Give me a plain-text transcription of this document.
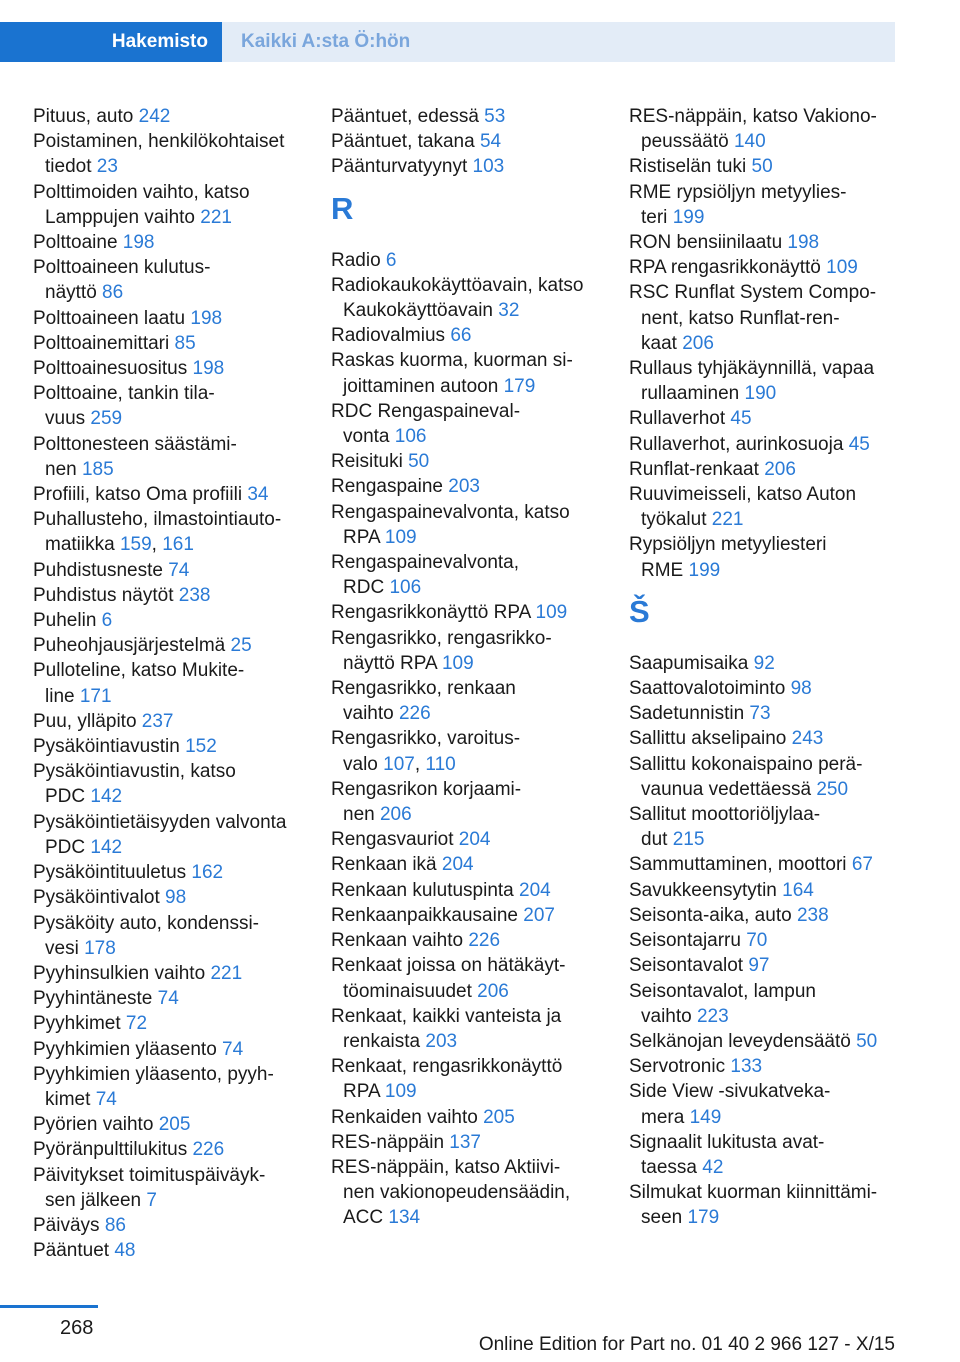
Hakemisto	Kaikki A:sta Ö:hön
Pituus, auto 242
Poistaminen, henkilökohtaiset
tiedot 23
Polttimoiden vaihto, katso
Lamppujen vaihto 221
Polttoaine 198
Polttoaineen kulutus-
näyttö 86
Polttoaineen laatu 198
Polttoainemittari 85
Polttoainesuositus 198
Polttoaine, tankin tila-
vuus 259
Polttonesteen säästämi-
nen 185
Profiili, katso Oma profiili 34
Puhallusteho, ilmastointiauto-
matiikka 159, 161
Puhdistusneste 74
Puhdistus näytöt 238
Puhelin 6
Puheohjausjärjestelmä 25
Pulloteline, katso Mukite-
line 171
Puu, ylläpito 237
Pysäköintiavustin 152
Pysäköintiavustin, katso
PDC 142
Pysäköintietäisyyden valvonta
PDC 142
Pysäköintituuletus 162
Pysäköintivalot 98
Pysäköity auto, kondenssi-
vesi 178
Pyyhinsulkien vaihto 221
Pyyhintäneste 74
Pyyhkimet 72
Pyyhkimien yläasento 74
Pyyhkimien yläasento, pyyh-
kimet 74
Pyörien vaihto 205
Pyöränpulttilukitus 226
Päivitykset toimituspäiväyk-
sen jälkeen 7
Päiväys 86
Pääntuet 48
Pääntuet, edessä 53
Pääntuet, takana 54
Päänturvatyynyt 103
R
Radio 6
Radiokaukokäyttöavain, katso
Kaukokäyttöavain 32
Radiovalmius 66
Raskas kuorma, kuorman si-
joittaminen autoon 179
RDC Rengaspaineval-
vonta 106
Reisituki 50
Rengaspaine 203
Rengaspainevalvonta, katso
RPA 109
Rengaspainevalvonta,
RDC 106
Rengasrikkonäyttö RPA 109
Rengasrikko, rengasrikko-
näyttö RPA 109
Rengasrikko, renkaan
vaihto 226
Rengasrikko, varoitus-
valo 107, 110
Rengasrikon korjaami-
nen 206
Rengasvauriot 204
Renkaan ikä 204
Renkaan kulutuspinta 204
Renkaanpaikkausaine 207
Renkaan vaihto 226
Renkaat joissa on hätäkäyt-
töominaisuudet 206
Renkaat, kaikki vanteista ja
renkaista 203
Renkaat, rengasrikkonäyttö
RPA 109
Renkaiden vaihto 205
RES-näppäin 137
RES-näppäin, katso Aktiivi-
nen vakionopeudensäädin,
ACC 134
RES-näppäin, katso Vakiono-
peussäätö 140
Ristiselän tuki 50
RME rypsiöljyn metyylies-
teri 199
RON bensiinilaatu 198
RPA rengasrikkonäyttö 109
RSC Runflat System Compo-
nent, katso Runflat-ren-
kaat 206
Rullaus tyhjäkäynnillä, vapaa
rullaaminen 190
Rullaverhot 45
Rullaverhot, aurinkosuoja 45
Runflat-renkaat 206
Ruuvimeisseli, katso Auton
työkalut 221
Rypsiöljyn metyyliesteri
RME 199
Š
Saapumisaika 92
Saattovalotoiminto 98
Sadetunnistin 73
Sallittu akselipaino 243
Sallittu kokonaispaino perä-
vaunua vedettäessä 250
Sallitut moottoriöljylaa-
dut 215
Sammuttaminen, moottori 67
Savukkeensytytin 164
Seisonta-aika, auto 238
Seisontajarru 70
Seisontavalot 97
Seisontavalot, lampun
vaihto 223
Selkänojan leveydensäätö 50
Servotronic 133
Side View -sivukatveka-
mera 149
Signaalit lukitusta avat-
taessa 42
Silmukat kuorman kiinnittämi-
seen 179
268
Online Edition for Part no. 01 40 2 966 127 - X/15
